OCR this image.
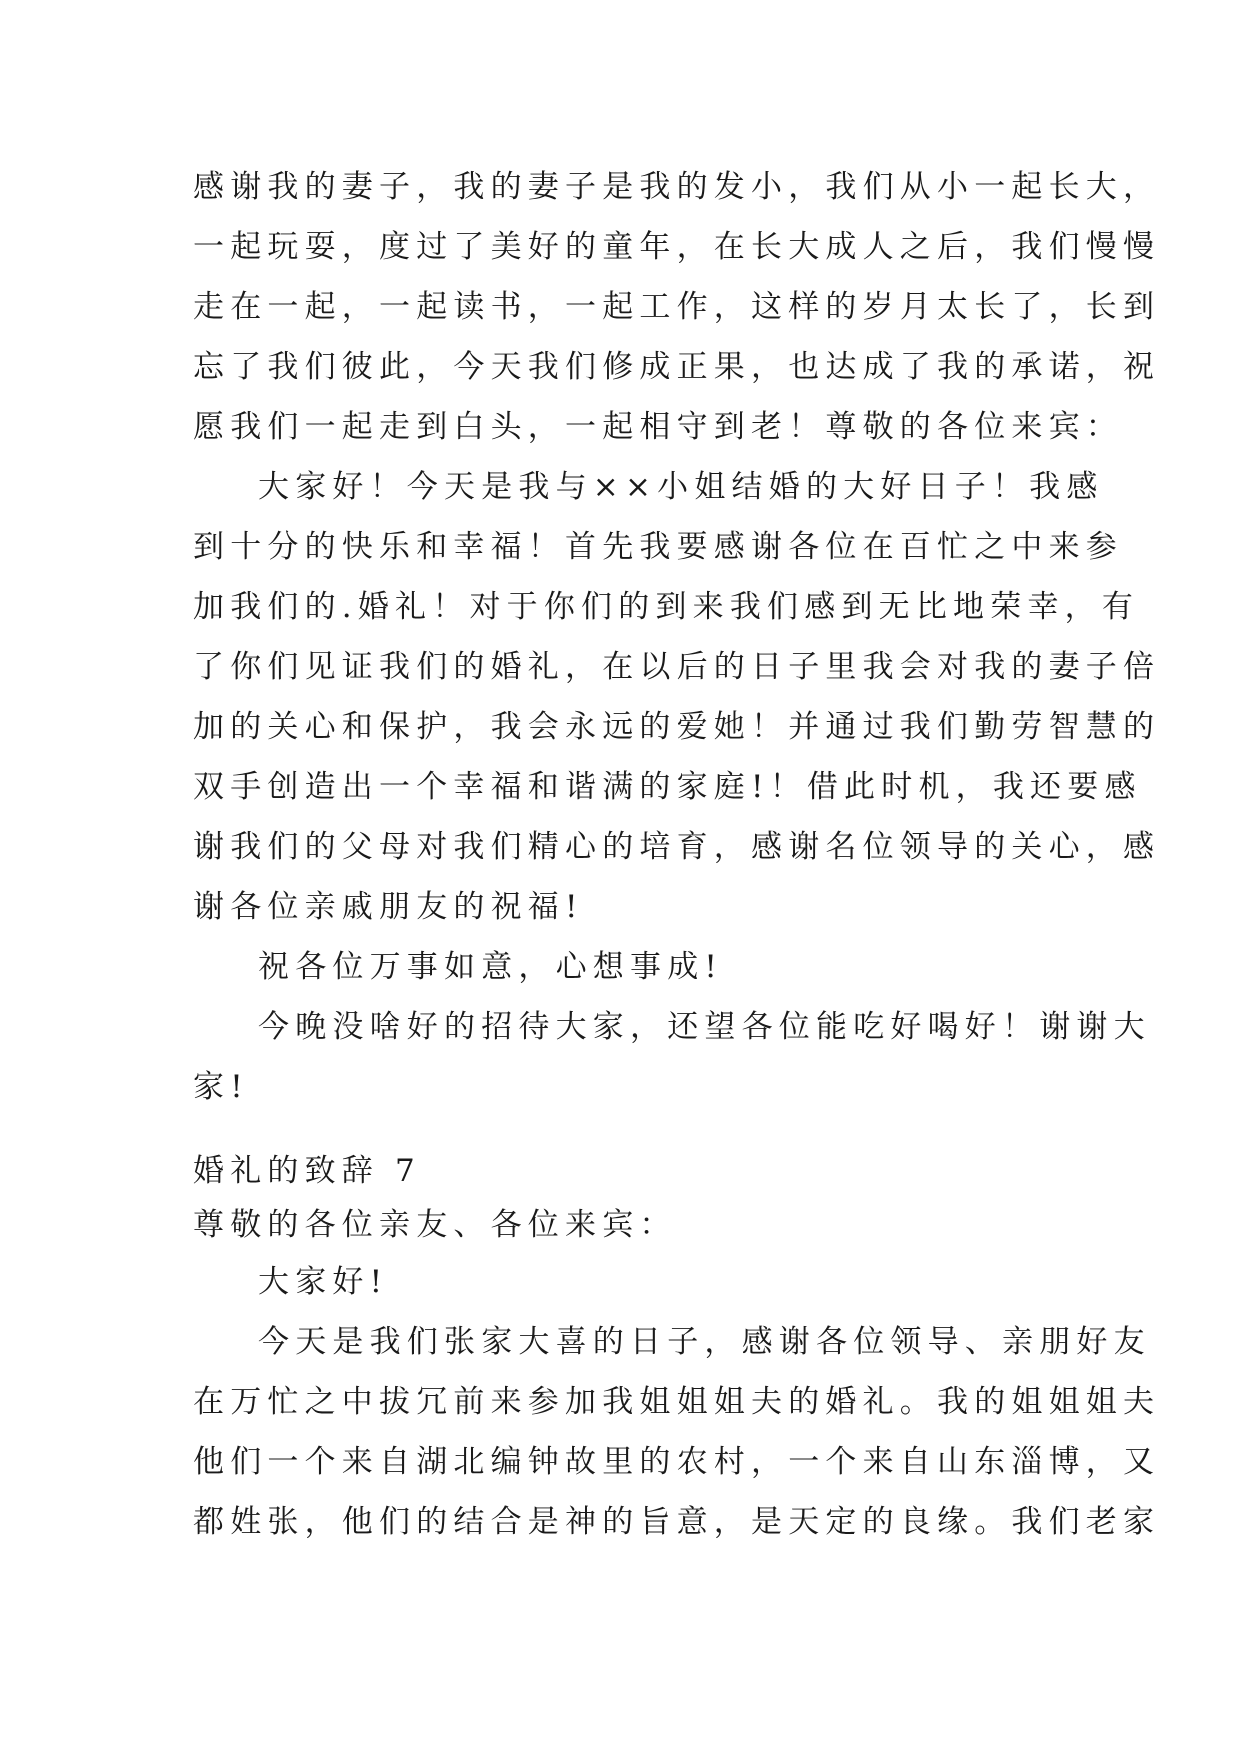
感谢我的妻子，我的妻子是我的发小，我们从小一起长大，
一起玩耍，度过了美好的童年，在长大成人之后，我们慢慢
走在一起，一起读书，一起工作，这样的岁月太长了，长到
忘了我们彼此，今天我们修成正果，也达成了我的承诺，祝
愿我们一起走到白头，一起相守到老！尊敬的各位来宾：
大家好！今天是我与××小姐结婚的大好日子！我感
到十分的快乐和幸福！首先我要感谢各位在百忙之中来参
加我们的.婚礼！对于你们的到来我们感到无比地荣幸，有
了你们见证我们的婚礼，在以后的日子里我会对我的妻子倍
加的关心和保护，我会永远的爱她！并通过我们勤劳智慧的
双手创造出一个幸福和谐满的家庭!！借此时机，我还要感
谢我们的父母对我们精心的培育，感谢名位领导的关心，感
谢各位亲戚朋友的祝福!
祝各位万事如意，心想事成!
今晚没啥好的招待大家，还望各位能吃好喝好！谢谢大
家!
婚礼的致辞 7
尊敬的各位亲友、各位来宾：
大家好!
今天是我们张家大喜的日子，感谢各位领导、亲朋好友
在万忙之中拔冗前来参加我姐姐姐夫的婚礼。我的姐姐姐夫
他们一个来自湖北编钟故里的农村，一个来自山东淄博，又
都姓张，他们的结合是神的旨意，是天定的良缘。我们老家
